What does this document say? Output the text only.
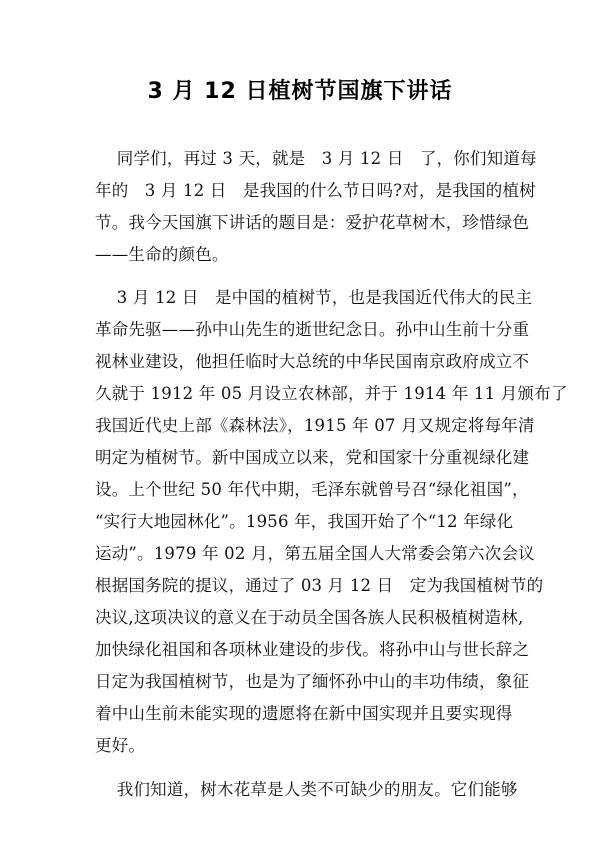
3 月 12 日植树节国旗下讲话
同学们，再过 3 天，就是   3 月 12 日   了，你们知道每
年的   3 月 12 日   是我国的什么节日吗?对，是我国的植树
节。我今天国旗下讲话的题目是：爱护花草树木，珍惜绿色
——生命的颜色。
3 月 12 日   是中国的植树节，也是我国近代伟大的民主
革命先驱——孙中山先生的逝世纪念日。孙中山生前十分重
视林业建设，他担任临时大总统的中华民国南京政府成立不
久就于 1912 年 05 月设立农林部，并于 1914 年 11 月颁布了
我国近代史上部《森林法》，1915 年 07 月又规定将每年清
明定为植树节。新中国成立以来，党和国家十分重视绿化建
设。上个世纪 50 年代中期，毛泽东就曾号召“绿化祖国”，
“实行大地园林化”。1956 年，我国开始了个“12 年绿化
运动”。1979 年 02 月，第五届全国人大常委会第六次会议
根据国务院的提议，通过了 03 月 12 日   定为我国植树节的
决议,这项决议的意义在于动员全国各族人民积极植树造林,
加快绿化祖国和各项林业建设的步伐。将孙中山与世长辞之
日定为我国植树节，也是为了缅怀孙中山的丰功伟绩，象征
着中山生前未能实现的遗愿将在新中国实现并且要实现得
更好。
我们知道，树木花草是人类不可缺少的朋友。它们能够
